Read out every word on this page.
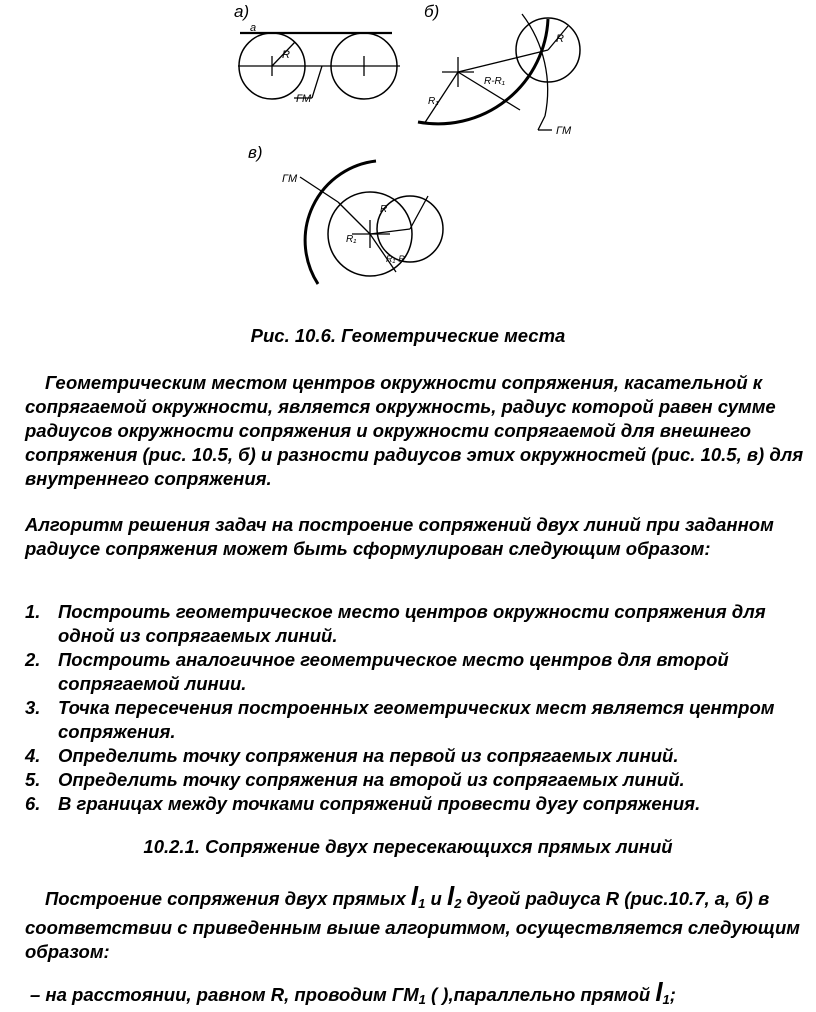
а)
a
R
ГМ
б)
R
R-R₁
R₁
ГМ
в)
ГМ
R
R₁
R₁-R

Рис. 10.6. Геометрические места

Геометрическим местом центров окружности сопряжения, касательной к сопрягаемой окружности, является окружность, радиус которой равен сумме радиусов окружности сопряжения и окружности сопрягаемой для внешнего сопряжения (рис. 10.5, б) и разности радиусов этих окружностей (рис. 10.5, в) для внутреннего сопряжения.

Алгоритм решения задач на построение сопряжений двух линий при заданном радиусе сопряжения может быть сформулирован следующим образом:

1. Построить геометрическое место центров окружности сопряжения для одной из сопрягаемых линий.
2. Построить аналогичное геометрическое место центров для второй сопрягаемой линии.
3. Точка пересечения построенных геометрических мест является центром сопряжения.
4. Определить точку сопряжения на первой из сопрягаемых линий.
5. Определить точку сопряжения на второй из сопрягаемых линий.
6. В границах между точками сопряжений провести дугу сопряжения.

10.2.1. Сопряжение двух пересекающихся прямых линий

Построение сопряжения двух прямых $l_1$ и $l_2$ дугой радиуса R (рис.10.7, а, б) в соответствии с приведенным выше алгоритмом, осуществляется следующим образом:

– на расстоянии, равном R, проводим $ГМ_1$ ( ),параллельно прямой $l_1$;
